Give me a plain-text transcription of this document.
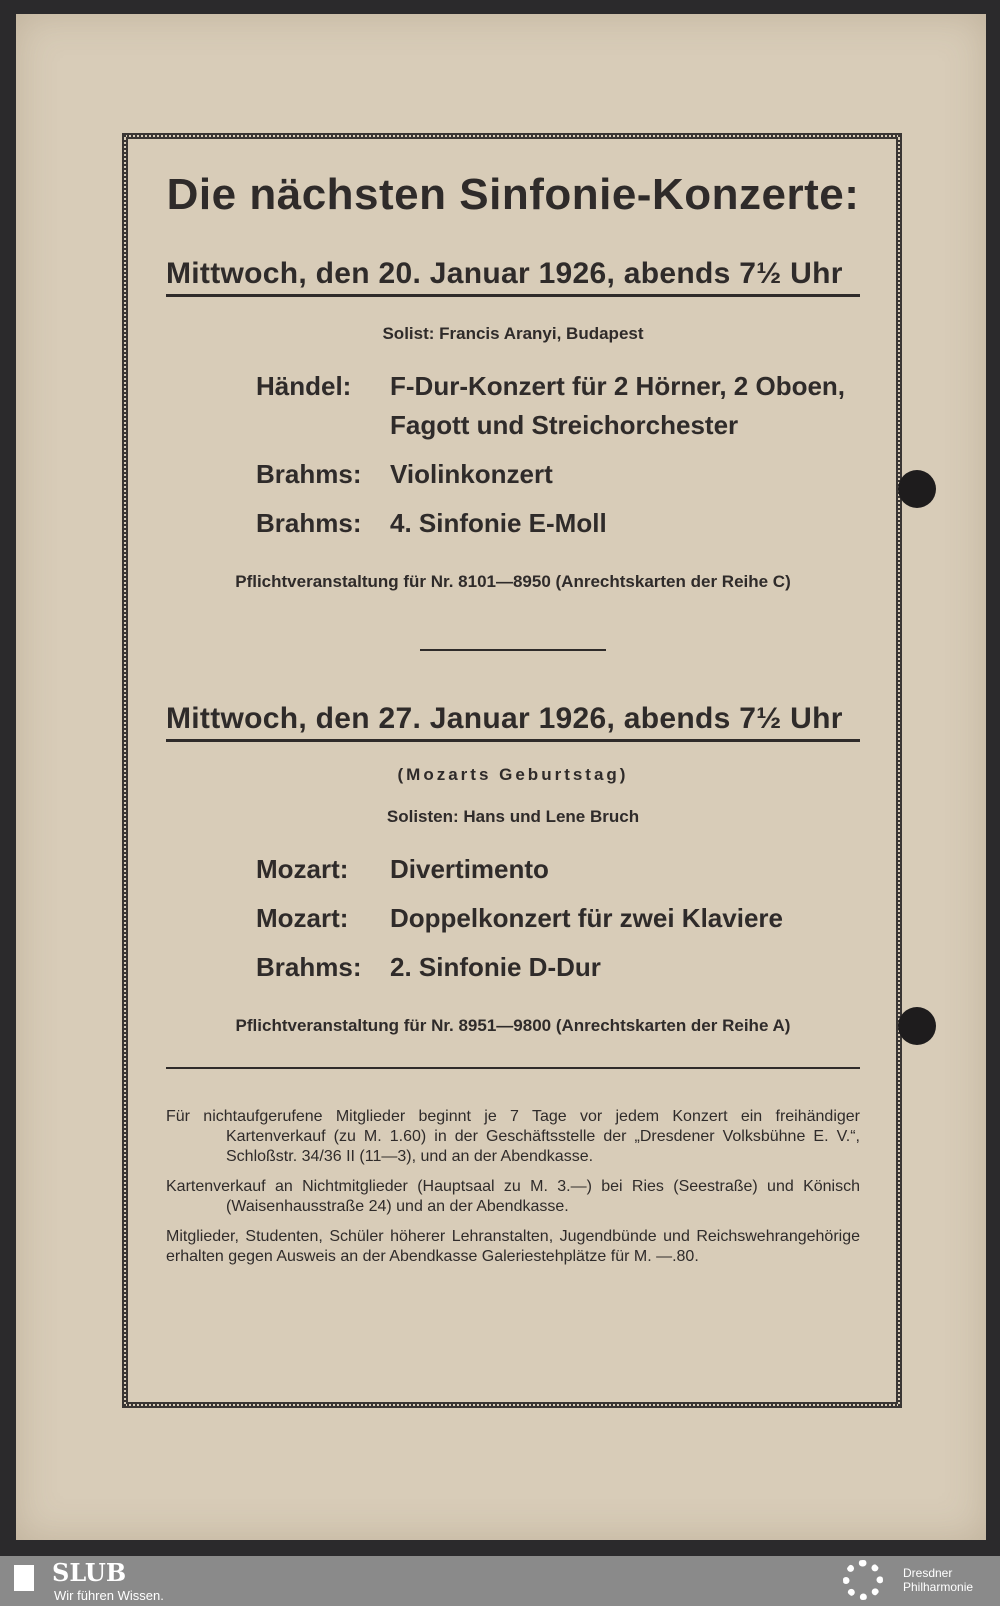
Die nächsten Sinfonie-Konzerte:
Mittwoch, den 20. Januar 1926, abends 7½ Uhr
Solist: Francis Aranyi, Budapest
Händel:	F-Dur-Konzert für 2 Hörner, 2 Oboen, Fagott und Streichorchester
Brahms:	Violinkonzert
Brahms:	4. Sinfonie E-Moll
Pflichtveranstaltung für Nr. 8101—8950 (Anrechtskarten der Reihe C)
Mittwoch, den 27. Januar 1926, abends 7½ Uhr
(Mozarts Geburtstag)
Solisten: Hans und Lene Bruch
Mozart:	Divertimento
Mozart:	Doppelkonzert für zwei Klaviere
Brahms:	2. Sinfonie D-Dur
Pflichtveranstaltung für Nr. 8951—9800 (Anrechtskarten der Reihe A)

Für nichtaufgerufene Mitglieder beginnt je 7 Tage vor jedem Konzert ein freihändiger Kartenverkauf (zu M. 1.60) in der Geschäftsstelle der „Dresdener Volksbühne E. V.“, Schloßstr. 34/36 II (11—3), und an der Abendkasse.

Kartenverkauf an Nichtmitglieder (Hauptsaal zu M. 3.—) bei Ries (Seestraße) und Könisch (Waisenhausstraße 24) und an der Abendkasse.

Mitglieder, Studenten, Schüler höherer Lehranstalten, Jugendbünde und Reichswehrangehörige erhalten gegen Ausweis an der Abendkasse Galeriestehplätze für M. —.80.

SLUB
Wir führen Wissen.
Dresdner
Philharmonie
